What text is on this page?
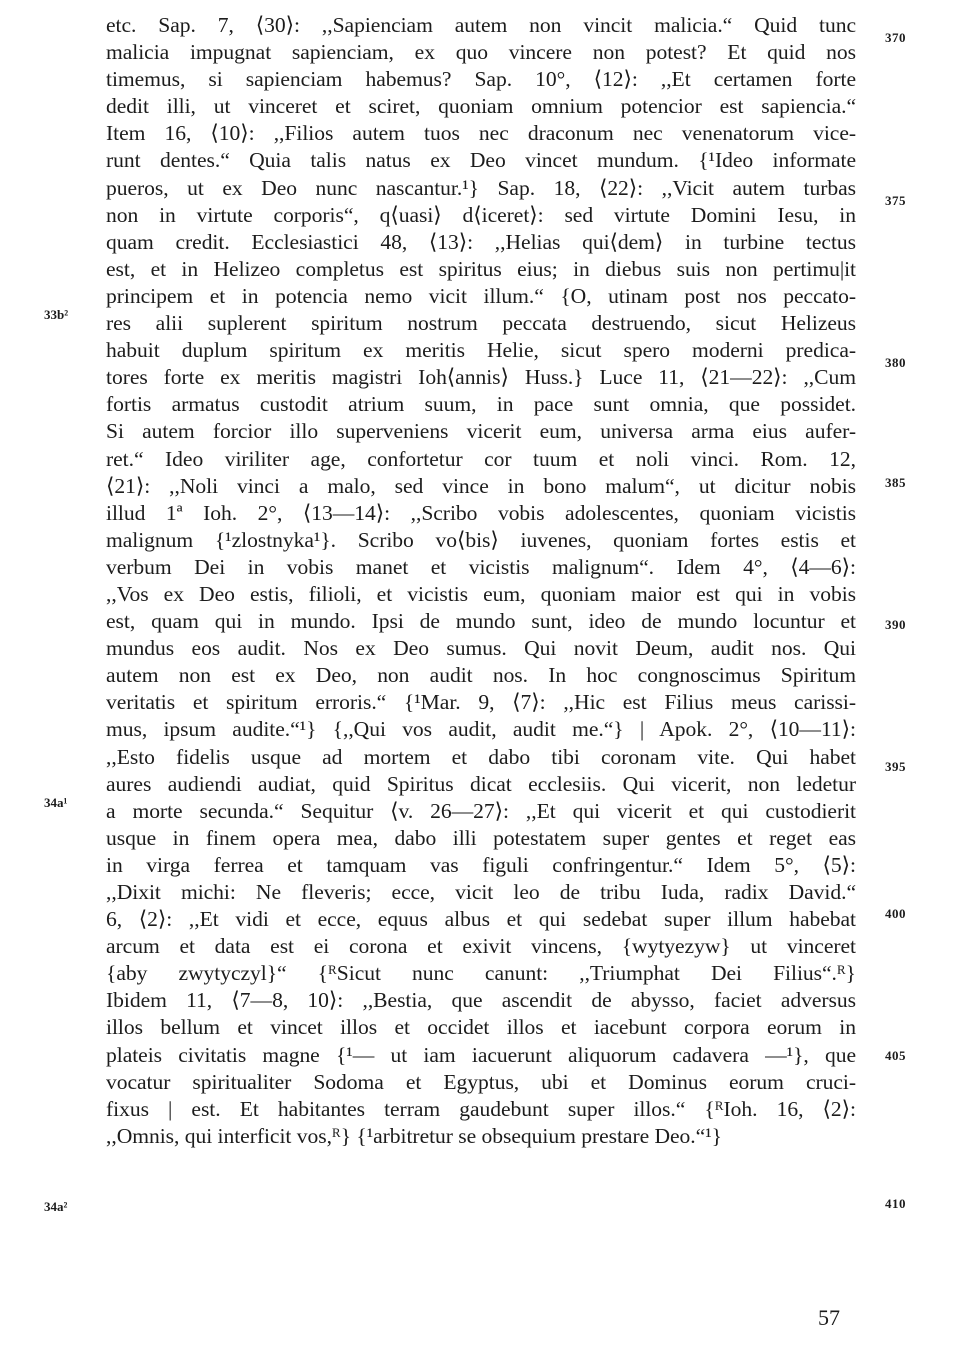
etc. Sap. 7, ⟨30⟩: ,,Sapienciam autem non vincit malicia.“ Quid tunc
malicia impugnat sapienciam, ex quo vincere non potest? Et quid nos
timemus, si sapienciam habemus? Sap. 10°, ⟨12⟩: ,,Et certamen forte
dedit illi, ut vinceret et sciret, quoniam omnium potencior est sapiencia.“
Item 16, ⟨10⟩: ,,Filios autem tuos nec draconum nec venenatorum vice-
runt dentes.“ Quia talis natus ex Deo vincet mundum. {¹Ideo informate
pueros, ut ex Deo nunc nascantur.¹} Sap. 18, ⟨22⟩: ,,Vicit autem turbas
non in virtute corporis“, q⟨uasi⟩ d⟨iceret⟩: sed virtute Domini Iesu, in
quam credit. Ecclesiastici 48, ⟨13⟩: ,,Helias qui⟨dem⟩ in turbine tectus
est, et in Helizeo completus est spiritus eius; in diebus suis non pertimu|it
principem et in potencia nemo vicit illum.“ {O, utinam post nos peccato-
res alii suplerent spiritum nostrum peccata destruendo, sicut Helizeus
habuit duplum spiritum ex meritis Helie, sicut spero moderni predica-
tores forte ex meritis magistri Ioh⟨annis⟩ Huss.} Luce 11, ⟨21—22⟩: ,,Cum
fortis armatus custodit atrium suum, in pace sunt omnia, que possidet.
Si autem forcior illo superveniens vicerit eum, universa arma eius aufer-
ret.“ Ideo viriliter age, confortetur cor tuum et noli vinci. Rom. 12,
⟨21⟩: ,,Noli vinci a malo, sed vince in bono malum“, ut dicitur nobis
illud 1ª Ioh. 2°, ⟨13—14⟩: ,,Scribo vobis adolescentes, quoniam vicistis
malignum {¹zlostnyka¹}. Scribo vo⟨bis⟩ iuvenes, quoniam fortes estis et
verbum Dei in vobis manet et vicistis malignum“. Idem 4°, ⟨4—6⟩:
,,Vos ex Deo estis, filioli, et vicistis eum, quoniam maior est qui in vobis
est, quam qui in mundo. Ipsi de mundo sunt, ideo de mundo locuntur et
mundus eos audit. Nos ex Deo sumus. Qui novit Deum, audit nos. Qui
autem non est ex Deo, non audit nos. In hoc congnoscimus Spiritum
veritatis et spiritum erroris.“ {¹Mar. 9, ⟨7⟩: ,,Hic est Filius meus carissi-
mus, ipsum audite.“¹} {,,Qui vos audit, audit me.“} | Apok. 2°, ⟨10—11⟩:
,,Esto fidelis usque ad mortem et dabo tibi coronam vite. Qui habet
aures audiendi audiat, quid Spiritus dicat ecclesiis. Qui vicerit, non ledetur
a morte secunda.“ Sequitur ⟨v. 26—27⟩: ,,Et qui vicerit et qui custodierit
usque in finem opera mea, dabo illi potestatem super gentes et reget eas
in virga ferrea et tamquam vas figuli confringentur.“ Idem 5°, ⟨5⟩:
,,Dixit michi: Ne fleveris; ecce, vicit leo de tribu Iuda, radix David.“
6, ⟨2⟩: ,,Et vidi et ecce, equus albus et qui sedebat super illum habebat
arcum et data est ei corona et exivit vincens, {wytyezyw} ut vinceret
{aby zwytyczyl}“ {ᴿSicut nunc canunt: ,,Triumphat Dei Filius“.ᴿ}
Ibidem 11, ⟨7—8, 10⟩: ,,Bestia, que ascendit de abysso, faciet adversus
illos bellum et vincet illos et occidet illos et iacebunt corpora eorum in
plateis civitatis magne {¹— ut iam iacuerunt aliquorum cadavera —¹}, que
vocatur spiritualiter Sodoma et Egyptus, ubi et Dominus eorum cruci-
fixus | est. Et habitantes terram gaudebunt super illos.“ {ᴿIoh. 16, ⟨2⟩:
,,Omnis, qui interficit vos,ᴿ} {¹arbitretur se obsequium prestare Deo.“¹}
370
375
380
385
390
395
400
405
410
33b²
34a¹
34a²
57
